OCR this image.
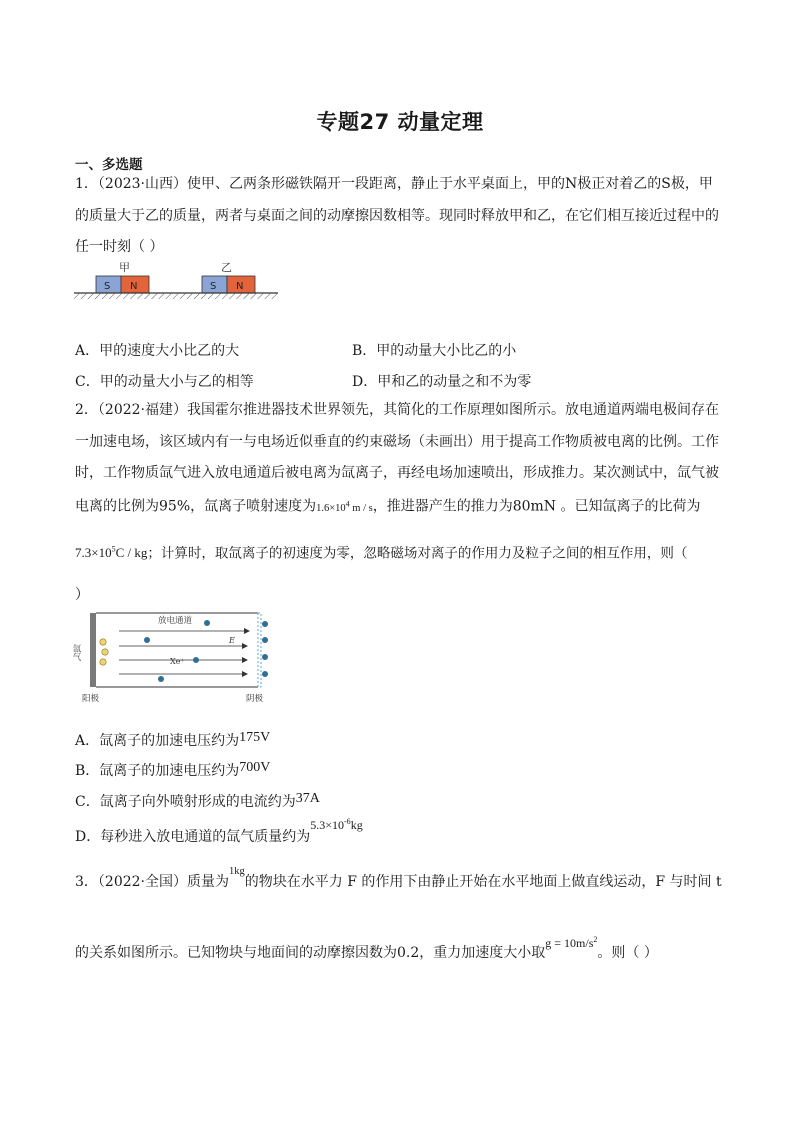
专题27 动量定理
一、多选题
1．（2023·山西）使甲、乙两条形磁铁隔开一段距离，静止于水平桌面上，甲的N极正对着乙的S极，甲
的质量大于乙的质量，两者与桌面之间的动摩擦因数相等。现同时释放甲和乙，在它们相互接近过程中的
任一时刻（ ）
甲
S N
乙
S N
A．甲的速度大小比乙的大	B．甲的动量大小比乙的小
C．甲的动量大小与乙的相等	D．甲和乙的动量之和不为零
2．（2022·福建）我国霍尔推进器技术世界领先，其简化的工作原理如图所示。放电通道两端电极间存在
一加速电场，该区域内有一与电场近似垂直的约束磁场（未画出）用于提高工作物质被电离的比例。工作
时，工作物质氙气进入放电通道后被电离为氙离子，再经电场加速喷出，形成推力。某次测试中，氙气被
电离的比例为95%，氙离子喷射速度为$1.6\times 10^4$ m / s，推进器产生的推力为80mN 。已知氙离子的比荷为
$7.3\times 10^5C$ / kg；计算时，取氙离子的初速度为零，忽略磁场对离子的作用力及粒子之间的相互作用，则（
）
放电通道
E
Xe⁺
氙气
阳极	阴极
A．氙离子的加速电压约为175V
B．氙离子的加速电压约为700V
C．氙离子向外喷射形成的电流约为37A
D．每秒进入放电通道的氙气质量约为$5.3\times 10^{-6}kg$
3．（2022·全国）质量为$^{1kg}$的物块在水平力 F 的作用下由静止开始在水平地面上做直线运动，F 与时间 t
的关系如图所示。已知物块与地面间的动摩擦因数为0.2，重力加速度大小取$g = 10m/s^2$。则（ ）
